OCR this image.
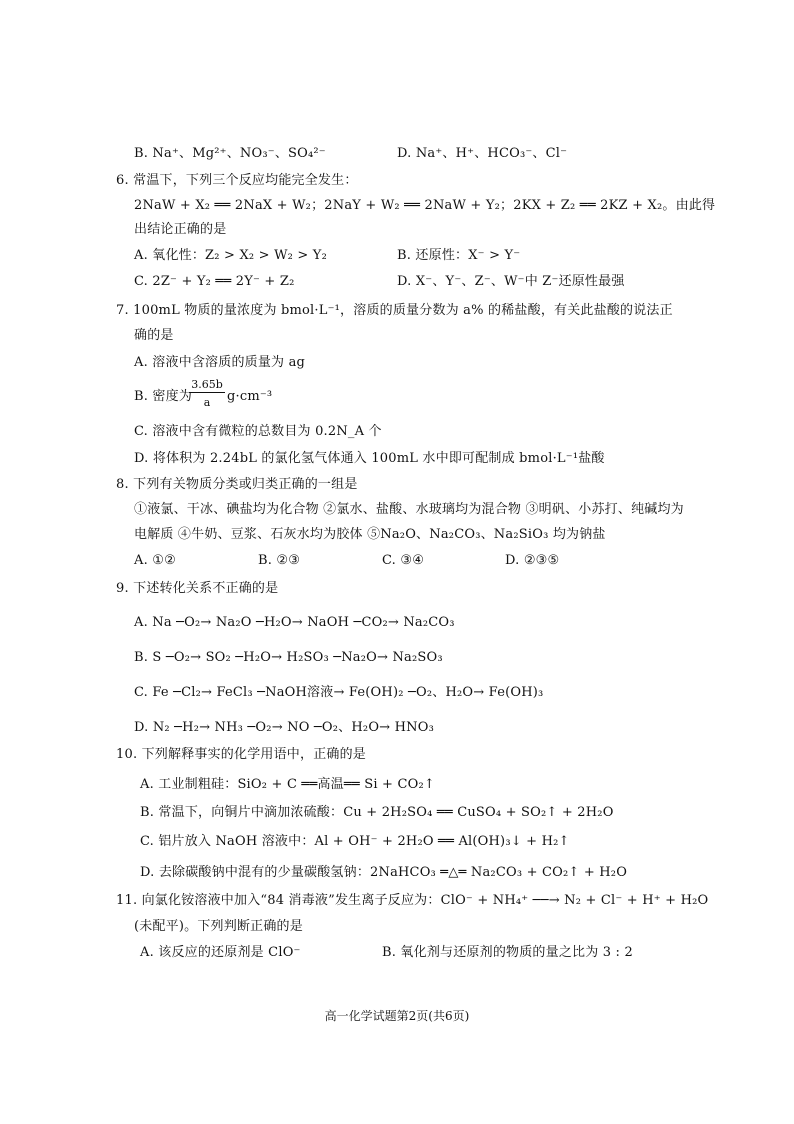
B. Na⁺、Mg²⁺、NO₃⁻、SO₄²⁻	D. Na⁺、H⁺、HCO₃⁻、Cl⁻
6. 常温下，下列三个反应均能完全发生：
2NaW + X₂ ══ 2NaX + W₂；2NaY + W₂ ══ 2NaW + Y₂；2KX + Z₂ ══ 2KZ + X₂。由此得
出结论正确的是
A. 氧化性：Z₂ > X₂ > W₂ > Y₂	B. 还原性：X⁻ > Y⁻
C. 2Z⁻ + Y₂ ══ 2Y⁻ + Z₂	D. X⁻、Y⁻、Z⁻、W⁻中 Z⁻还原性最强
7. 100mL 物质的量浓度为 bmol·L⁻¹，溶质的质量分数为 a% 的稀盐酸，有关此盐酸的说法正
确的是
A. 溶液中含溶质的质量为 ag
B. 密度为
3.65b
a	g·cm⁻³
C. 溶液中含有微粒的总数目为 0.2N_A 个
D. 将体积为 2.24bL 的氯化氢气体通入 100mL 水中即可配制成 bmol·L⁻¹盐酸
8. 下列有关物质分类或归类正确的一组是
①液氯、干冰、碘盐均为化合物 ②氯水、盐酸、水玻璃均为混合物 ③明矾、小苏打、纯碱均为
电解质 ④牛奶、豆浆、石灰水均为胶体 ⑤Na₂O、Na₂CO₃、Na₂SiO₃ 均为钠盐
A. ①②	B. ②③	C. ③④	D. ②③⑤
9. 下述转化关系不正确的是
A. Na ─O₂→ Na₂O ─H₂O→ NaOH ─CO₂→ Na₂CO₃
B. S ─O₂→ SO₂ ─H₂O→ H₂SO₃ ─Na₂O→ Na₂SO₃
C. Fe ─Cl₂→ FeCl₃ ─NaOH溶液→ Fe(OH)₂ ─O₂、H₂O→ Fe(OH)₃
D. N₂ ─H₂→ NH₃ ─O₂→ NO ─O₂、H₂O→ HNO₃
10. 下列解释事实的化学用语中，正确的是
A. 工业制粗硅：SiO₂ + C ══高温══ Si + CO₂↑
B. 常温下，向铜片中滴加浓硫酸：Cu + 2H₂SO₄ ══ CuSO₄ + SO₂↑ + 2H₂O
C. 铝片放入 NaOH 溶液中：Al + OH⁻ + 2H₂O ══ Al(OH)₃↓ + H₂↑
D. 去除碳酸钠中混有的少量碳酸氢钠：2NaHCO₃ ═△═ Na₂CO₃ + CO₂↑ + H₂O
11. 向氯化铵溶液中加入“84 消毒液”发生离子反应为：ClO⁻ + NH₄⁺ ──→ N₂ + Cl⁻ + H⁺ + H₂O
(未配平)。下列判断正确的是
A. 该反应的还原剂是 ClO⁻	B. 氧化剂与还原剂的物质的量之比为 3 : 2
高一化学试题第2页(共6页)
